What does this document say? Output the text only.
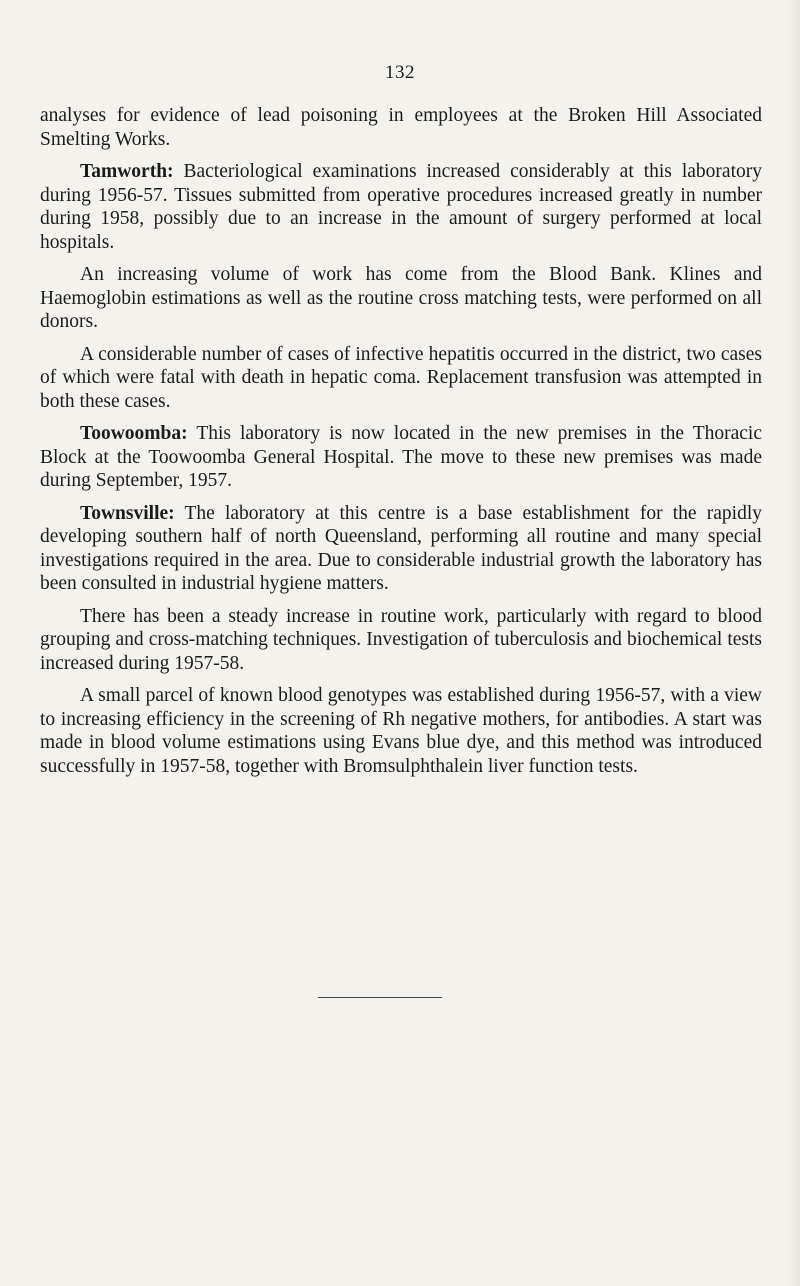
132

analyses for evidence of lead poisoning in employees at the Broken Hill Associated Smelting Works.

Tamworth: Bacteriological examinations increased considerably at this laboratory during 1956-57. Tissues submitted from operative procedures increased greatly in number during 1958, possibly due to an increase in the amount of surgery performed at local hospitals.

An increasing volume of work has come from the Blood Bank. Klines and Haemoglobin estimations as well as the routine cross matching tests, were performed on all donors.

A considerable number of cases of infective hepatitis occurred in the district, two cases of which were fatal with death in hepatic coma. Replacement transfusion was attempted in both these cases.

Toowoomba: This laboratory is now located in the new premises in the Thoracic Block at the Toowoomba General Hospital. The move to these new premises was made during September, 1957.

Townsville: The laboratory at this centre is a base establishment for the rapidly developing southern half of north Queensland, performing all routine and many special investigations required in the area. Due to considerable industrial growth the laboratory has been consulted in industrial hygiene matters.

There has been a steady increase in routine work, particularly with regard to blood grouping and cross-matching techniques. Investigation of tuberculosis and biochemical tests increased during 1957-58.

A small parcel of known blood genotypes was established during 1956-57, with a view to increasing efficiency in the screening of Rh negative mothers, for antibodies. A start was made in blood volume estimations using Evans blue dye, and this method was introduced successfully in 1957-58, together with Bromsulphthalein liver function tests.
